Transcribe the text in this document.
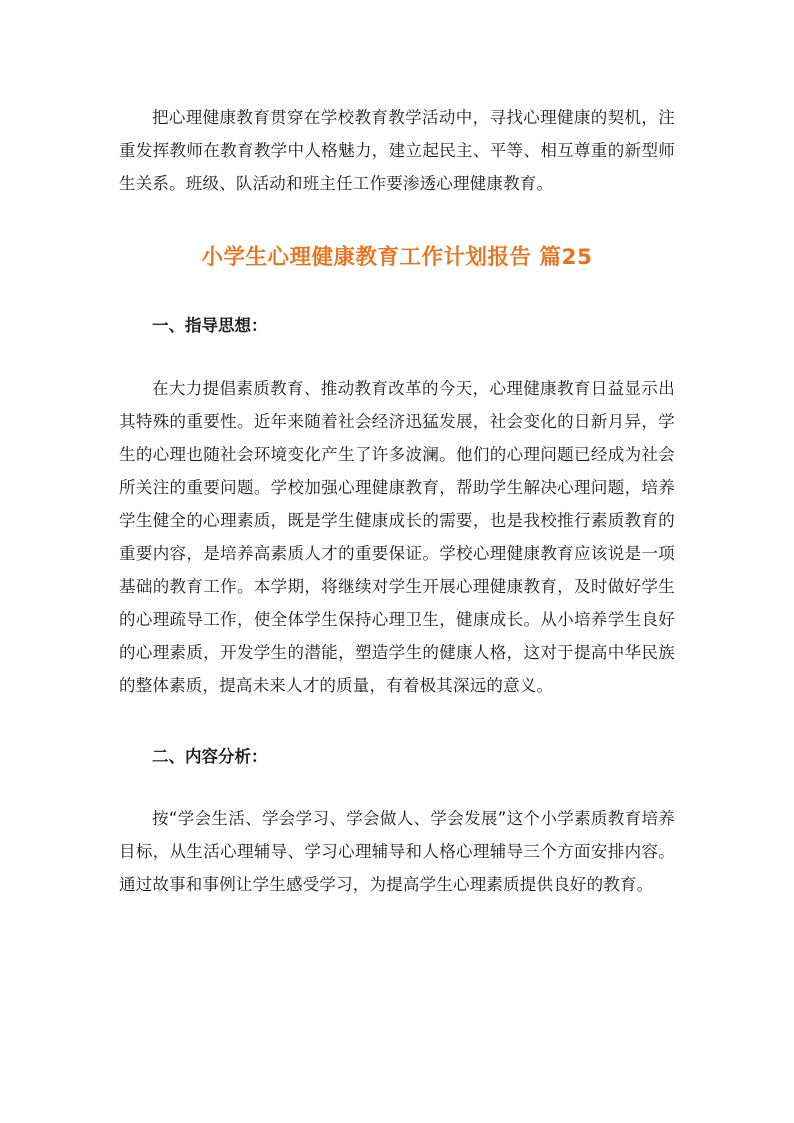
把心理健康教育贯穿在学校教育教学活动中，寻找心理健康的契机，注重发挥教师在教育教学中人格魅力，建立起民主、平等、相互尊重的新型师生关系。班级、队活动和班主任工作要渗透心理健康教育。

小学生心理健康教育工作计划报告 篇25
一、指导思想：

在大力提倡素质教育、推动教育改革的今天，心理健康教育日益显示出其特殊的重要性。近年来随着社会经济迅猛发展，社会变化的日新月异，学生的心理也随社会环境变化产生了许多波澜。他们的心理问题已经成为社会所关注的重要问题。学校加强心理健康教育，帮助学生解决心理问题，培养学生健全的心理素质，既是学生健康成长的需要，也是我校推行素质教育的重要内容，是培养高素质人才的重要保证。学校心理健康教育应该说是一项基础的教育工作。本学期，将继续对学生开展心理健康教育，及时做好学生的心理疏导工作，使全体学生保持心理卫生，健康成长。从小培养学生良好的心理素质，开发学生的潜能，塑造学生的健康人格，这对于提高中华民族的整体素质，提高未来人才的质量，有着极其深远的意义。

二、内容分析：

按“学会生活、学会学习、学会做人、学会发展”这个小学素质教育培养目标，从生活心理辅导、学习心理辅导和人格心理辅导三个方面安排内容。通过故事和事例让学生感受学习，为提高学生心理素质提供良好的教育。
